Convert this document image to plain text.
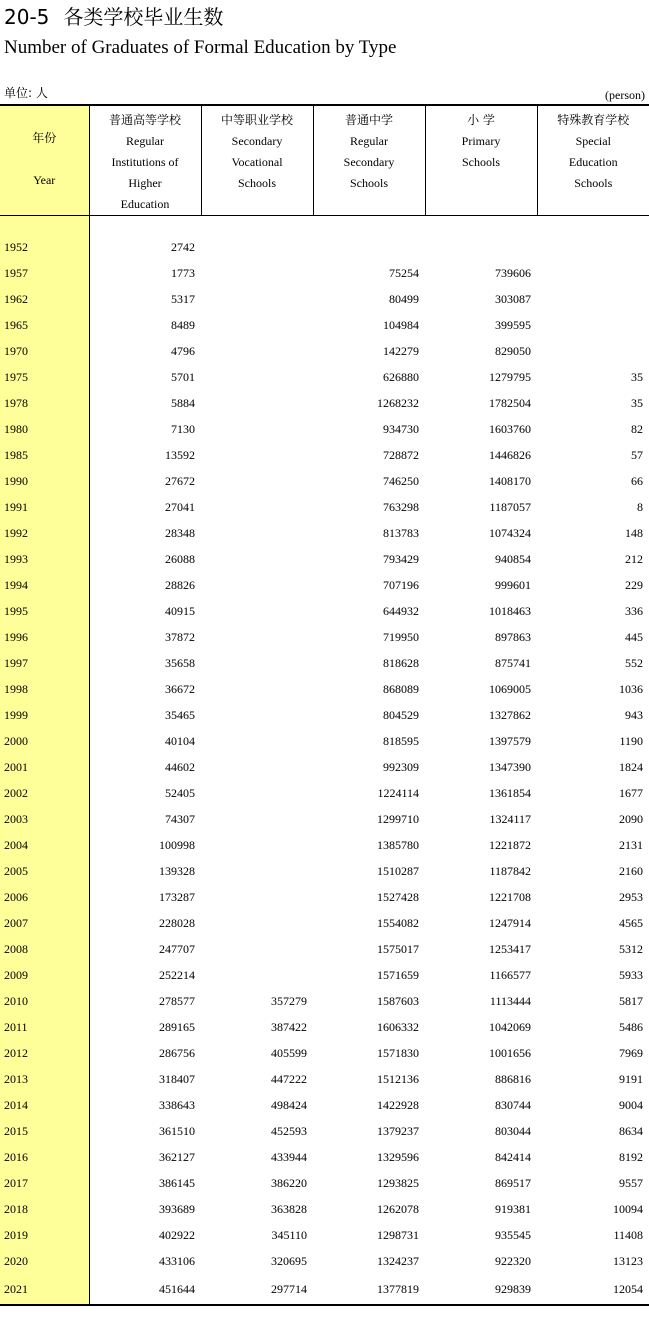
20-5 各类学校毕业生数
Number of Graduates of Formal Education by Type
单位: 人	(person)
年份
Year	普通高等学校
Regular
Institutions of
Higher
Education	中等职业学校
Secondary
Vocational
Schools	普通中学
Regular
Secondary
Schools	小 学
Primary
Schools	特殊教育学校
Special
Education
Schools

1952	2742				
1957	1773		75254	739606	
1962	5317		80499	303087	
1965	8489		104984	399595	
1970	4796		142279	829050	
1975	5701		626880	1279795	35
1978	5884		1268232	1782504	35
1980	7130		934730	1603760	82
1985	13592		728872	1446826	57
1990	27672		746250	1408170	66
1991	27041		763298	1187057	8
1992	28348		813783	1074324	148
1993	26088		793429	940854	212
1994	28826		707196	999601	229
1995	40915		644932	1018463	336
1996	37872		719950	897863	445
1997	35658		818628	875741	552
1998	36672		868089	1069005	1036
1999	35465		804529	1327862	943
2000	40104		818595	1397579	1190
2001	44602		992309	1347390	1824
2002	52405		1224114	1361854	1677
2003	74307		1299710	1324117	2090
2004	100998		1385780	1221872	2131
2005	139328		1510287	1187842	2160
2006	173287		1527428	1221708	2953
2007	228028		1554082	1247914	4565
2008	247707		1575017	1253417	5312
2009	252214		1571659	1166577	5933
2010	278577	357279	1587603	1113444	5817
2011	289165	387422	1606332	1042069	5486
2012	286756	405599	1571830	1001656	7969
2013	318407	447222	1512136	886816	9191
2014	338643	498424	1422928	830744	9004
2015	361510	452593	1379237	803044	8634
2016	362127	433944	1329596	842414	8192
2017	386145	386220	1293825	869517	9557
2018	393689	363828	1262078	919381	10094
2019	402922	345110	1298731	935545	11408
2020	433106	320695	1324237	922320	13123
2021	451644	297714	1377819	929839	12054
